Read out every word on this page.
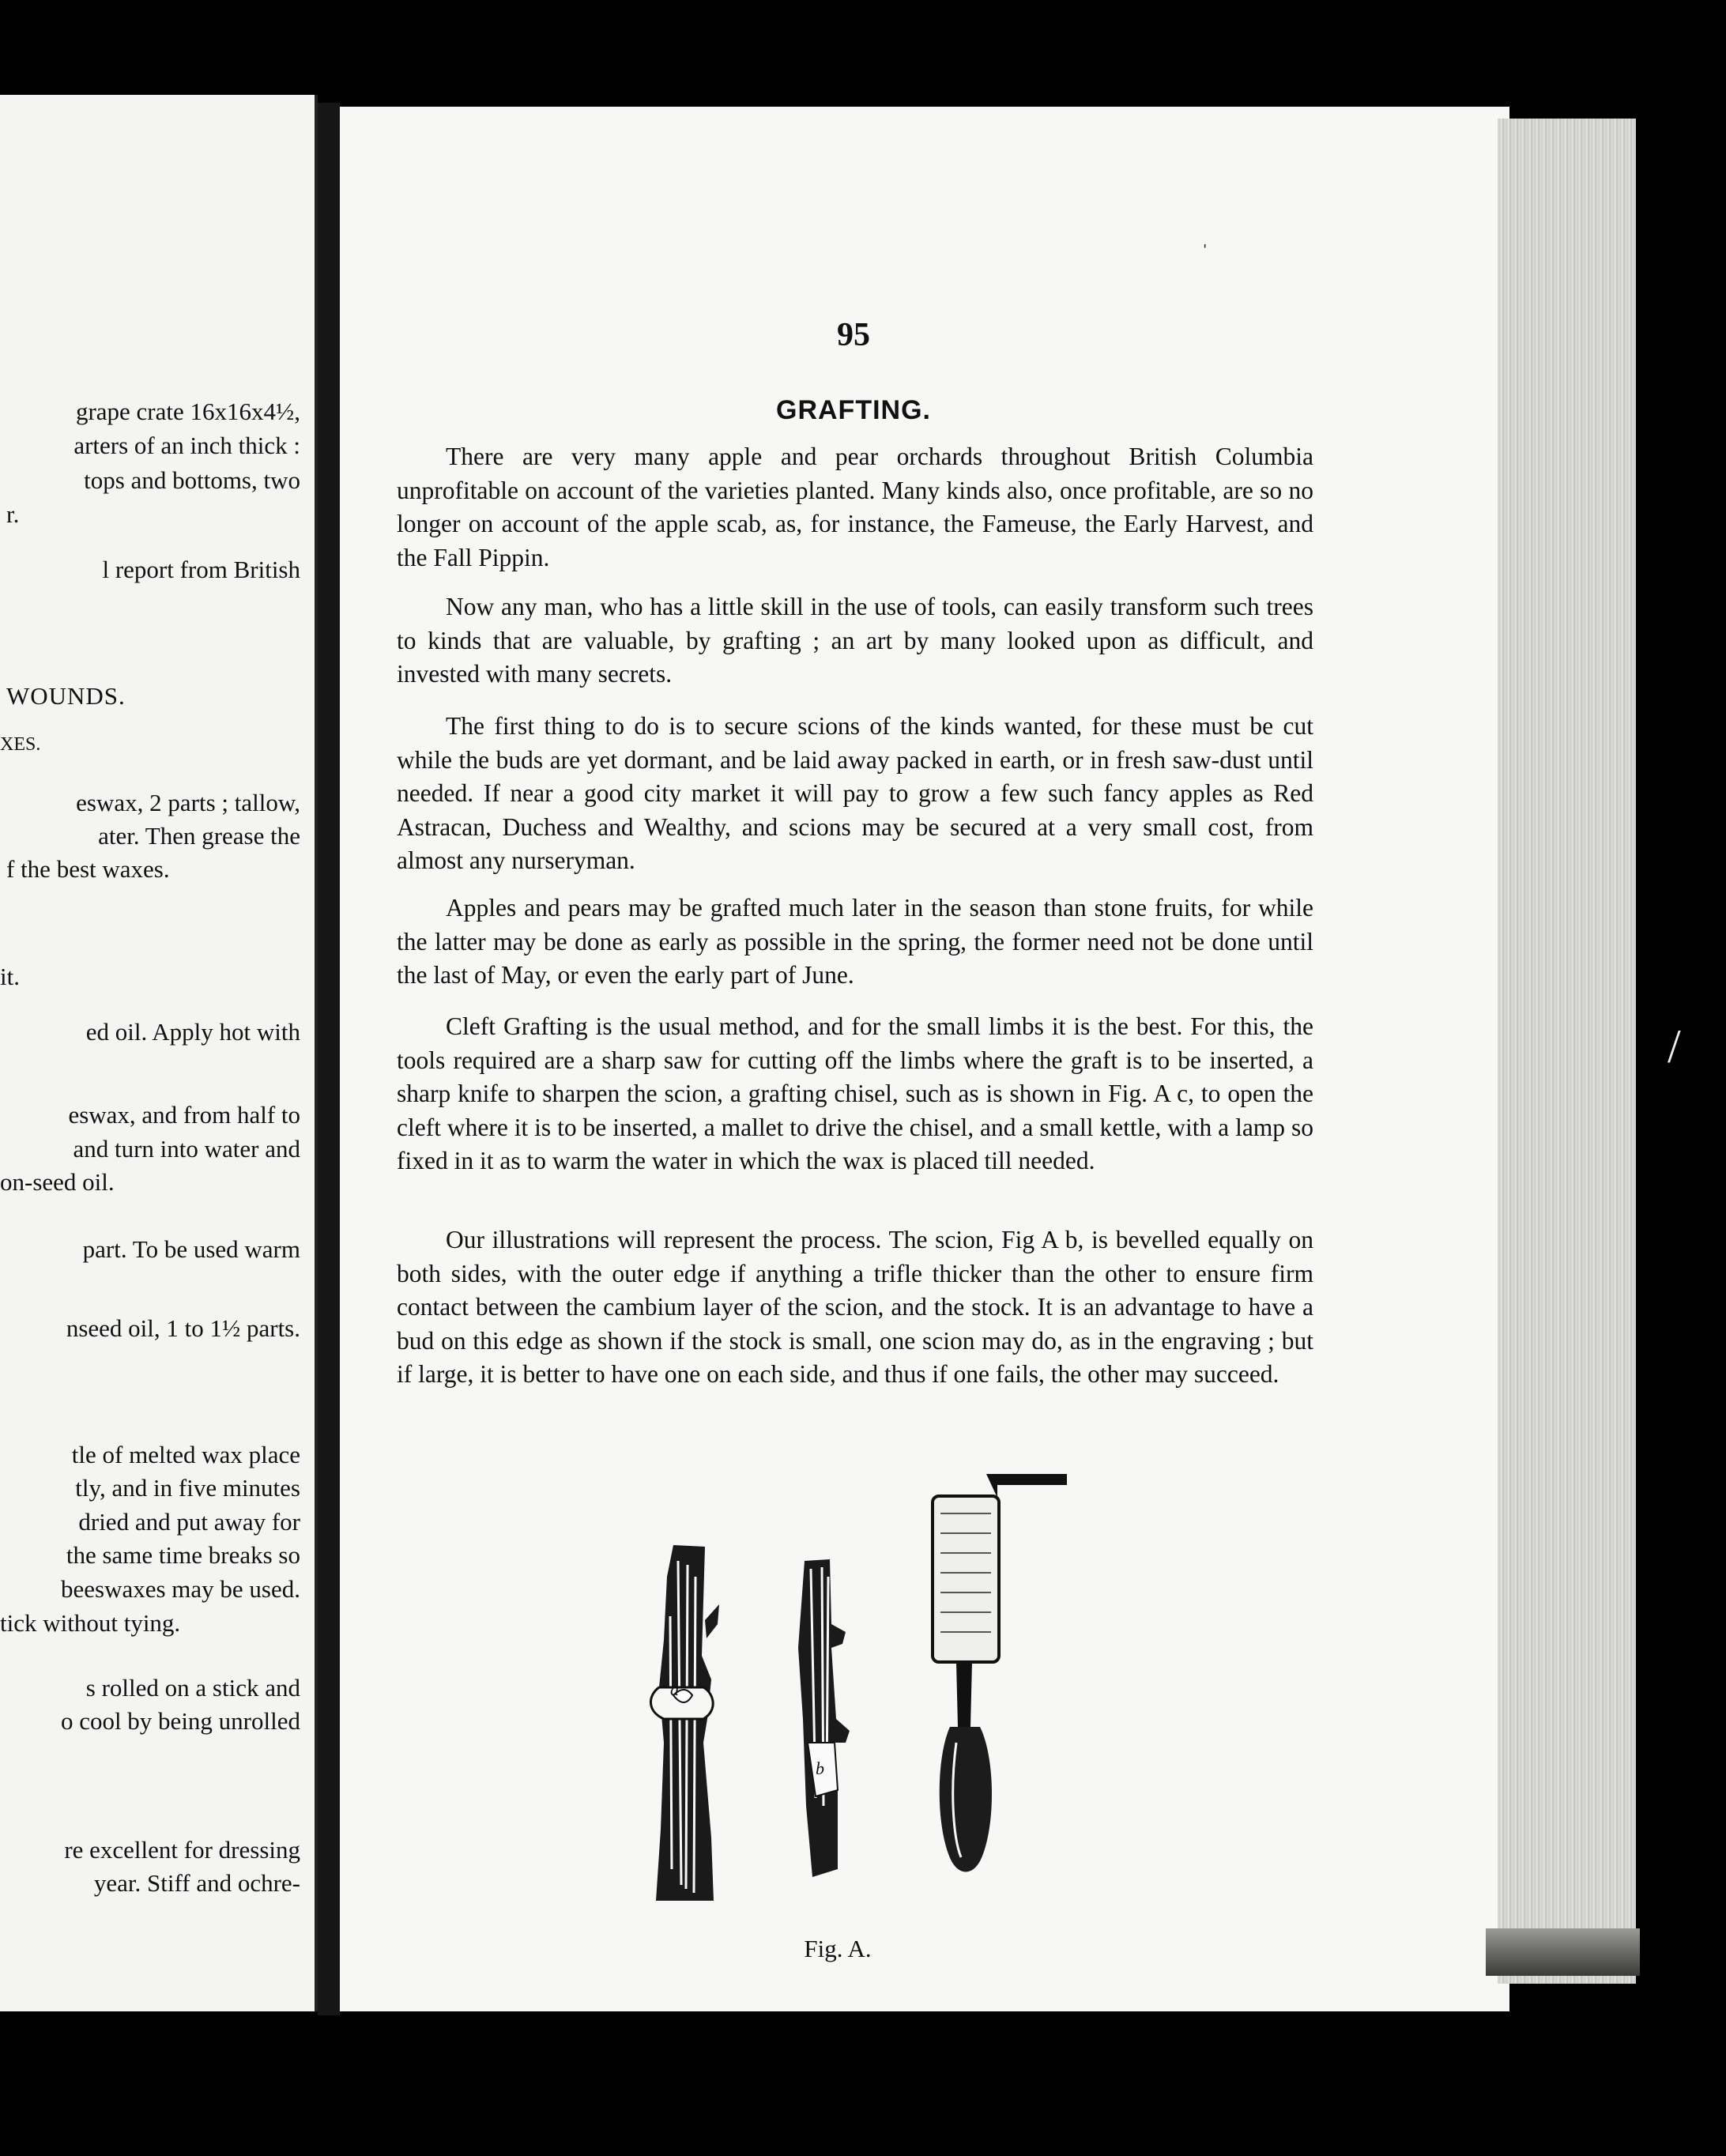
grape crate 16x16x4½,
arters of an inch thick :
tops and bottoms, two
r.
l report from British
WOUNDS.
XES.
eswax, 2 parts ; tallow,
ater. Then grease the
f the best waxes.
it.
ed oil. Apply hot with
eswax, and from half to
and turn into water and
on-seed oil.
part. To be used warm
nseed oil, 1 to 1½ parts.
tle of melted wax place
tly, and in five minutes
dried and put away for
the same time breaks so
beeswaxes may be used.
tick without tying.
s rolled on a stick and
o cool by being unrolled
re excellent for dressing
year. Stiff and ochre-
ˈ
/
95
GRAFTING.

There are very many apple and pear orchards throughout British Columbia unprofitable on account of the varieties planted. Many kinds also, once profitable, are so no longer on account of the apple scab, as, for instance, the Fameuse, the Early Harvest, and the Fall Pippin.

Now any man, who has a little skill in the use of tools, can easily transform such trees to kinds that are valuable, by grafting ; an art by many looked upon as difficult, and invested with many secrets.

The first thing to do is to secure scions of the kinds wanted, for these must be cut while the buds are yet dormant, and be laid away packed in earth, or in fresh saw-dust until needed. If near a good city market it will pay to grow a few such fancy apples as Red Astracan, Duchess and Wealthy, and scions may be secured at a very small cost, from almost any nurseryman.

Apples and pears may be grafted much later in the season than stone fruits, for while the latter may be done as early as possible in the spring, the former need not be done until the last of May, or even the early part of June.

Cleft Grafting is the usual method, and for the small limbs it is the best. For this, the tools required are a sharp saw for cutting off the limbs where the graft is to be inserted, a sharp knife to sharpen the scion, a grafting chisel, such as is shown in Fig. A c, to open the cleft where it is to be inserted, a mallet to drive the chisel, and a small kettle, with a lamp so fixed in it as to warm the water in which the wax is placed till needed.

Our illustrations will represent the process. The scion, Fig A b, is bevelled equally on both sides, with the outer edge if anything a trifle thicker than the other to ensure firm contact between the cambium layer of the scion, and the stock. It is an advantage to have a bud on this edge as shown if the stock is small, one scion may do, as in the engraving ; but if large, it is better to have one on each side, and thus if one fails, the other may succeed.

a
b
Fig. A.
